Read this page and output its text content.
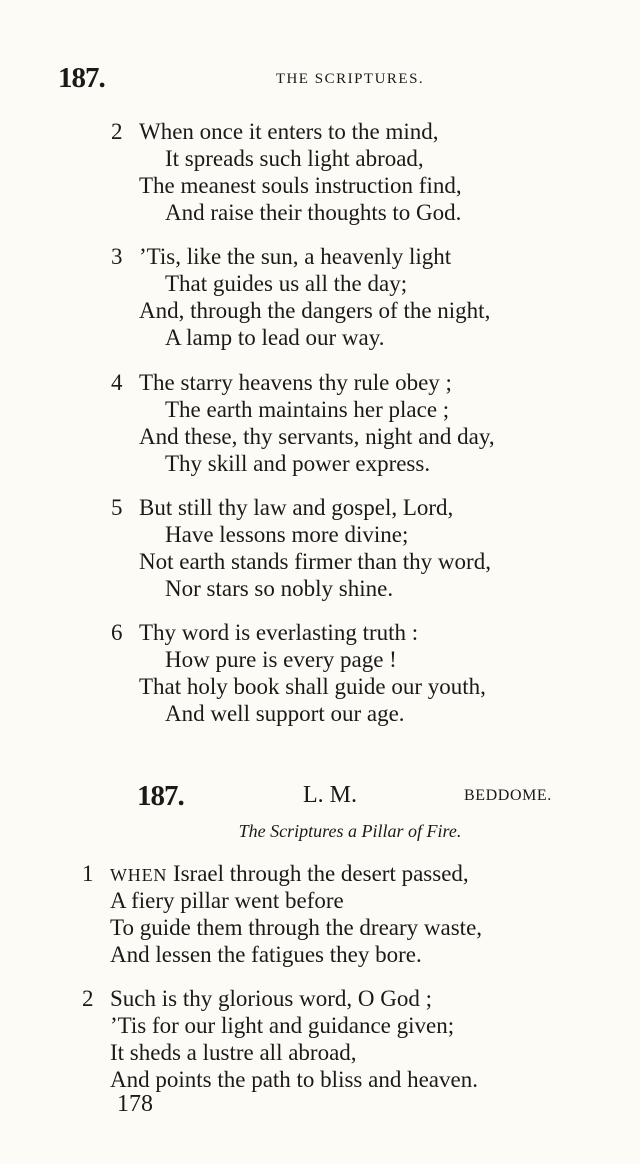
187.	THE SCRIPTURES.
2 When once it enters to the mind,
It spreads such light abroad,
The meanest souls instruction find,
And raise their thoughts to God.
3 ’Tis, like the sun, a heavenly light
That guides us all the day;
And, through the dangers of the night,
A lamp to lead our way.
4 The starry heavens thy rule obey ;
The earth maintains her place ;
And these, thy servants, night and day,
Thy skill and power express.
5 But still thy law and gospel, Lord,
Have lessons more divine;
Not earth stands firmer than thy word,
Nor stars so nobly shine.
6 Thy word is everlasting truth :
How pure is every page !
That holy book shall guide our youth,
And well support our age.
187.	L. M.	BEDDOME.
The Scriptures a Pillar of Fire.
1 WHEN Israel through the desert passed,
A fiery pillar went before
To guide them through the dreary waste,
And lessen the fatigues they bore.
2 Such is thy glorious word, O God ;
’Tis for our light and guidance given;
It sheds a lustre all abroad,
And points the path to bliss and heaven.
178
